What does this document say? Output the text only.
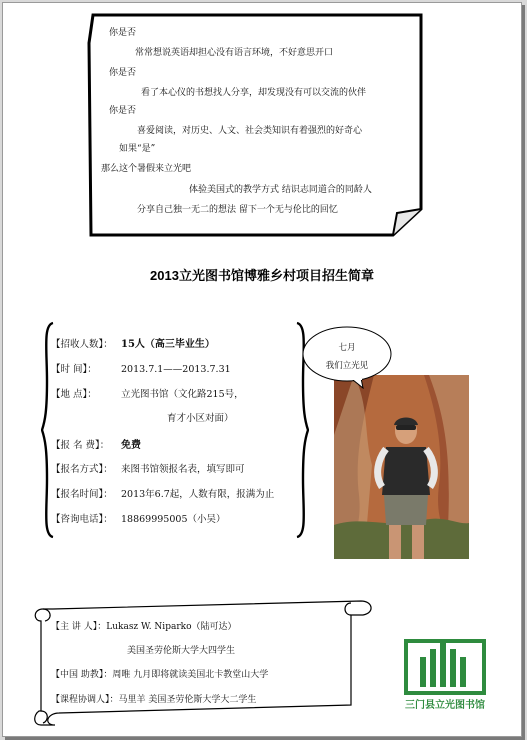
你是否
常常想说英语却担心没有语言环境，不好意思开口
你是否
看了本心仪的书想找人分享，却发现没有可以交流的伙伴
你是否
喜爱阅读，对历史、人文、社会类知识有着强烈的好奇心
如果“是”
那么这个暑假来立光吧
体验美国式的教学方式 结识志同道合的同龄人
分享自己独一无二的想法 留下一个无与伦比的回忆
2013立光图书馆博雅乡村项目招生简章
【招收人数】： 15人（高三毕业生）
【时 间】：	2013.7.1——2013.7.31
【地 点】：	立光图书馆（文化路215号，
育才小区对面）
【报 名 费】： 免费
【报名方式】： 来图书馆领报名表，填写即可
【报名时间】： 2013年6.7起，人数有限，报满为止
【咨询电话】： 18869995005（小吴）
七月
我们立光见
【主 讲 人】：Lukasz W. Niparko（陆可达）
美国圣劳伦斯大学大四学生
【中国 助教】：周唯 九月即将就读美国北卡教堂山大学
【课程协调人】：马里羊 美国圣劳伦斯大学大二学生	三门县立光图书馆
